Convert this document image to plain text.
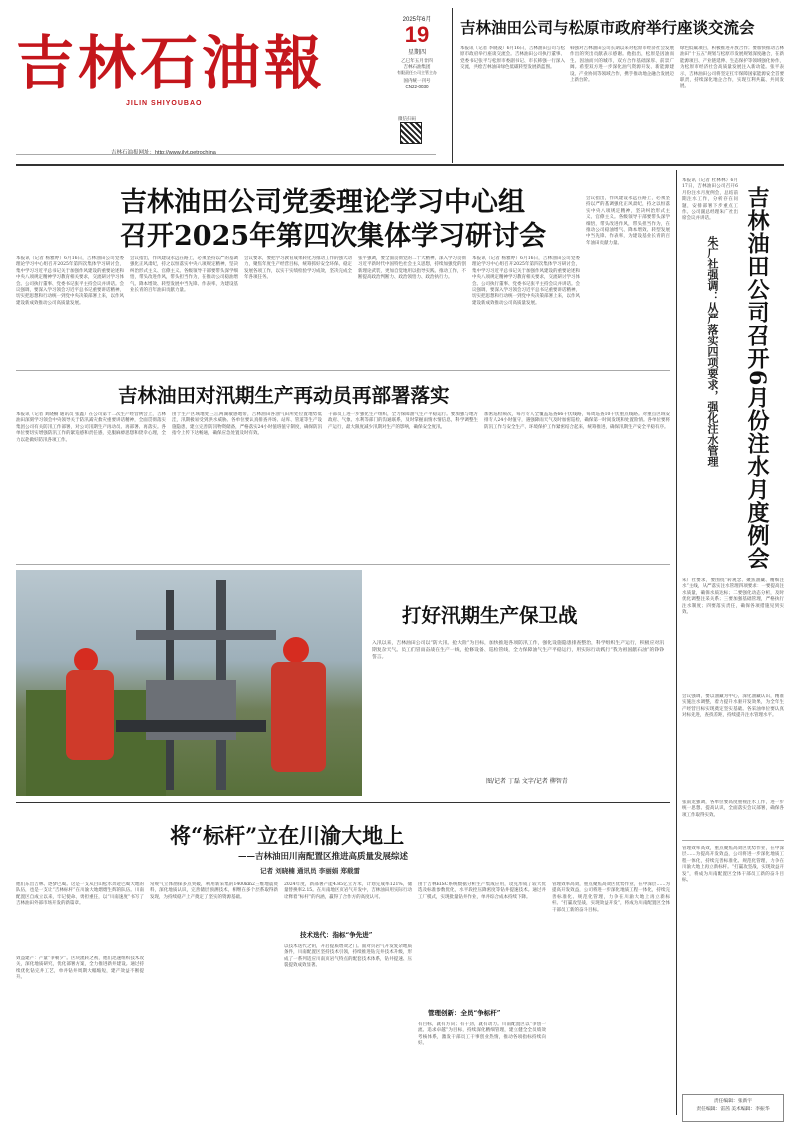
吉林石油報
JILIN SHIYOUBAO
吉林石油报网址：http://www.jlyt.petrochina
微信扫码
2025年6月
19
星期四
乙巳年五月廿四
吉林石油集团
有限责任公司主管主办
国内统一刊号
CN22-0030
吉林油田公司与松原市政府举行座谈交流会
本报讯（记者 李晓凌）6月16日，吉林油田公司与松原市政府举行座谈交流会。吉林油田公司执行董事、党委书记张平与松原市委副书记、市长韩强一行深入交流，共绘吉林油田绿色低碳转型发展新蓝图。
韩强对吉林油田公司长期以来对松原市经济社会发展作出的突出贡献表示感谢。他指出，松原是因油而生、因油而兴的城市，双方合作基础深厚、前景广阔。希望双方进一步深化油气资源开发、新能源建设、产业协同等领域合作，携手推动地企融合发展迈上新台阶。
绿色低碳项目，积极推进开放合作；要加快推动吉林油田“十五五”规划与松原市发展规划深度融合，在新能源项目、产业链延伸、生态保护等领域强化协作，为松原市经济社会高质量发展注入新动能。张平表示，吉林油田公司将坚定扛牢保障国家能源安全首要职责，持续深化地企合作，实现互利共赢、共同发展。
吉林油田公司党委理论学习中心组
召开2025年第四次集体学习研讨会
本报讯（记者 杨雅婷）6月16日，吉林油田公司党委理论学习中心组召开2025年第四次集体学习研讨会，集中学习习近平总书记关于加强作风建设的重要论述和中央八项规定精神学习教育相关要求，交流研讨学习体会。公司执行董事、党委书记张平主持会议并讲话。会议强调，要深入学习领会习近平总书记重要讲话精神，切实把思想和行动统一到党中央决策部署上来，以作风建设新成效推动公司高质量发展。
会议指出，作风建设永远在路上，必须坚持以严的基调强化正风肃纪，持之以恒落实中央八项规定精神，坚决纠治形式主义、官僚主义。各级领导干部要带头深学细悟，带头改进作风，带头担当作为，在推动公司稳油增气、降本增效、转型发展中当先锋、作表率，为建设基业长青的百年油田贡献力量。
会议要求，要把学习教育成果转化为推动工作的强大动力，聚焦年度生产经营目标，统筹抓好安全环保、稳定发展各项工作，以实干实绩检验学习成效，坚决完成全年各项任务。
张平强调，要全面贯彻党的二十大精神，深入学习贯彻习近平新时代中国特色社会主义思想，持续加强党的创新理论武装，更加自觉地用以指导实践、推动工作，不断提高政治判断力、政治领悟力、政治执行力。
本报讯（记者 杨雅婷）6月16日，吉林油田公司党委理论学习中心组召开2025年第四次集体学习研讨会，集中学习习近平总书记关于加强作风建设的重要论述和中央八项规定精神学习教育相关要求，交流研讨学习体会。公司执行董事、党委书记张平主持会议并讲话。会议强调，要深入学习领会习近平总书记重要讲话精神，切实把思想和行动统一到党中央决策部署上来，以作风建设新成效推动公司高质量发展。
会议指出，作风建设永远在路上，必须坚持以严的基调强化正风肃纪，持之以恒落实中央八项规定精神，坚决纠治形式主义、官僚主义。各级领导干部要带头深学细悟，带头改进作风，带头担当作为，在推动公司稳油增气、降本增效、转型发展中当先锋、作表率，为建设基业长青的百年油田贡献力量。
吉林油田对汛期生产再动员再部署落实
本报讯（记者 刘晓楠 通讯员 张鑫）在公司第十二次生产经营例会上，吉林油田深刻学习领会中央领导关于防汛减灾救灾重要讲话精神，全面贯彻落实集团公司有关防汛工作部署，对公司汛期生产再动员、再部署、再落实。各单位要切实增强防汛工作的紧迫感和责任感，克服麻痹思想和侥幸心理，全力以赴做好防汛各项工作。
由于生产区域地处三江两湖敏感地带，吉林油田各油气田所处位置地势低洼，汛期极易受到洪水威胁。各单位要认真排查井场、站库、管道等生产设施隐患，建立完善防汛物资储备，严格落实24小时值班值守制度，确保防汛指令上传下达畅通，确保应急处置及时有效。
干部员工进一步强化生产组织，全力保障油气生产平稳运行。要加强与地方政府、气象、水利等部门的沟通联系，及时掌握雨情水情信息，科学调整生产运行，最大限度减少汛期对生产的影响，确保安全度汛。
加密巡检频次，每月专人全覆盖巡查66千伏线路，每周巡查10千伏重点线路。对重点区域安排专人24小时值守，遇强降雨天气及时加密巡检，确保第一时间发现和处置险情。各单位要将防汛工作与安全生产、环境保护工作紧密结合起来，统筹推进，确保汛期生产安全平稳有序。	吉林油田公司召开6月份注水月度例会
朱广社强调：从严落实四项要求，强化注水管理
本报讯（记者 杜林林）6月17日，吉林油田公司召开6月份注水月度例会，总结前期注水工作，分析存在问题，安排部署下步重点工作。公司副总经理朱广社出席会议并讲话。
朱广社要求，要围绕“转观念、聚焦油藏、精细注水”主线，从严落实注水管理四项要求：一要提高注水质量，确保水质达标；二要强化动态分析，及时优化调整注采关系；三要加强基础管理，严格执行注水制度；四要落实责任，确保各项措施见到实效。
会议强调，要以油藏为中心，深化油藏认识，精准实施注水调整，着力提升水驱开发效果，为全年生产经营目标实现奠定坚实基础。各采油单位要认真对标先进，查找差距，持续提升注水管理水平。
张南龙强调，各单位要高度重视注水工作，进一步统一思想、提高认识，全面落实会议部署，确保各项工作取得实效。
打好汛期生产保卫战
入汛以来，吉林油田公司以“防大汛、抢大险”为目标，加快推进各项防汛工作，强化设施隐患排查整治，科学组织生产运行，积极应对汛期复杂天气。员工们冒雨奋战在生产一线，抢修设备、巡检管线，全力保障油气生产平稳运行，用实际行动践行“我为祖国献石油”的铮铮誓言。
图/记者 丁磊 文字/记者 柳智青
将“标杆”立在川渝大地上
——吉林油田川南配置区推进高质量发展综述
记者 刘晓楠 通讯员 李丽娟 郑载雷
他们东出吉林、逐梦巴蜀。这是一支从白山松水奔赴巴蜀大地的队伍，也是一支让“吉林标杆”在川渝大地熠熠生辉的队伍。川南配置区自成立以来，牢记使命、勇担重任，以“川南速度”书写了吉林油田外部市场开发的新篇章。
效益建产：产量“争朝夕”。区块流转之初，他们迅速组织技术攻关，深化地质研究，优化部署方案，全力推进新井建设。通过持续优化钻完井工艺，单井钻井周期大幅缩短，建产效益不断提升。
常规气立体勘探多点突破，利用新采集的1400km2三维地震资料，深化地质认识，完善储层预测技术，相继在多个层系取得新发现，为持续稳产上产奠定了坚实的资源基础。
2024年度，新部署产能4.85亿立方米，计划完成率121%，储量替换率2.15。在川南地区页岩气开发中，吉林油田用实际行动诠释着“标杆”的内涵，赢得了合作方的高度认可。
技术迭代：指标“争先进”
以技术迭代之钥，开启提质增效之门。面对页岩气开发复杂地质条件，川南配置区坚持技术引领，持续推进钻完井技术升级，形成了一系列适应川南页岩气特点的配套技术体系，钻井提速、压裂提效成效显著。
由于吉林EISC系统数据分析生产集成应用，攻克形成了较大优选及标准参数优化，水平段控压降密度等钻井提速技术。通过井工厂模式，实现批量钻井作业，单井综合成本持续下降。
管理创新：全员“争标杆”
有目标，就有方向；有干劲，就有动力。川南配置区以“争创一流、追求卓越”为目标，持续深化精细管理，建立健全全员绩效考核体系，激发干部员工干事创业热情，推动各项指标持续向好。
管理效率高效，重点聚焦高效区优势作业，在中深层……为提高开发效益，公司将进一步深化地质工程一体化，持续完善标准化、规范化管理，力争在川渝大地上再立新标杆。“打赢攻坚战，实现效益开发”，将成为川南配置区全体干部员工新的奋斗目标。
管理效率高效，重点聚焦高效区优势作业，在中深层……为提高开发效益，公司将进一步深化地质工程一体化，持续完善标准化、规范化管理，力争在川渝大地上再立新标杆。“打赢攻坚战，实现效益开发”，将成为川南配置区全体干部员工新的奋斗目标。
责任编辑：张新宇
责任编辑：雷茜 美术编辑：李振华
